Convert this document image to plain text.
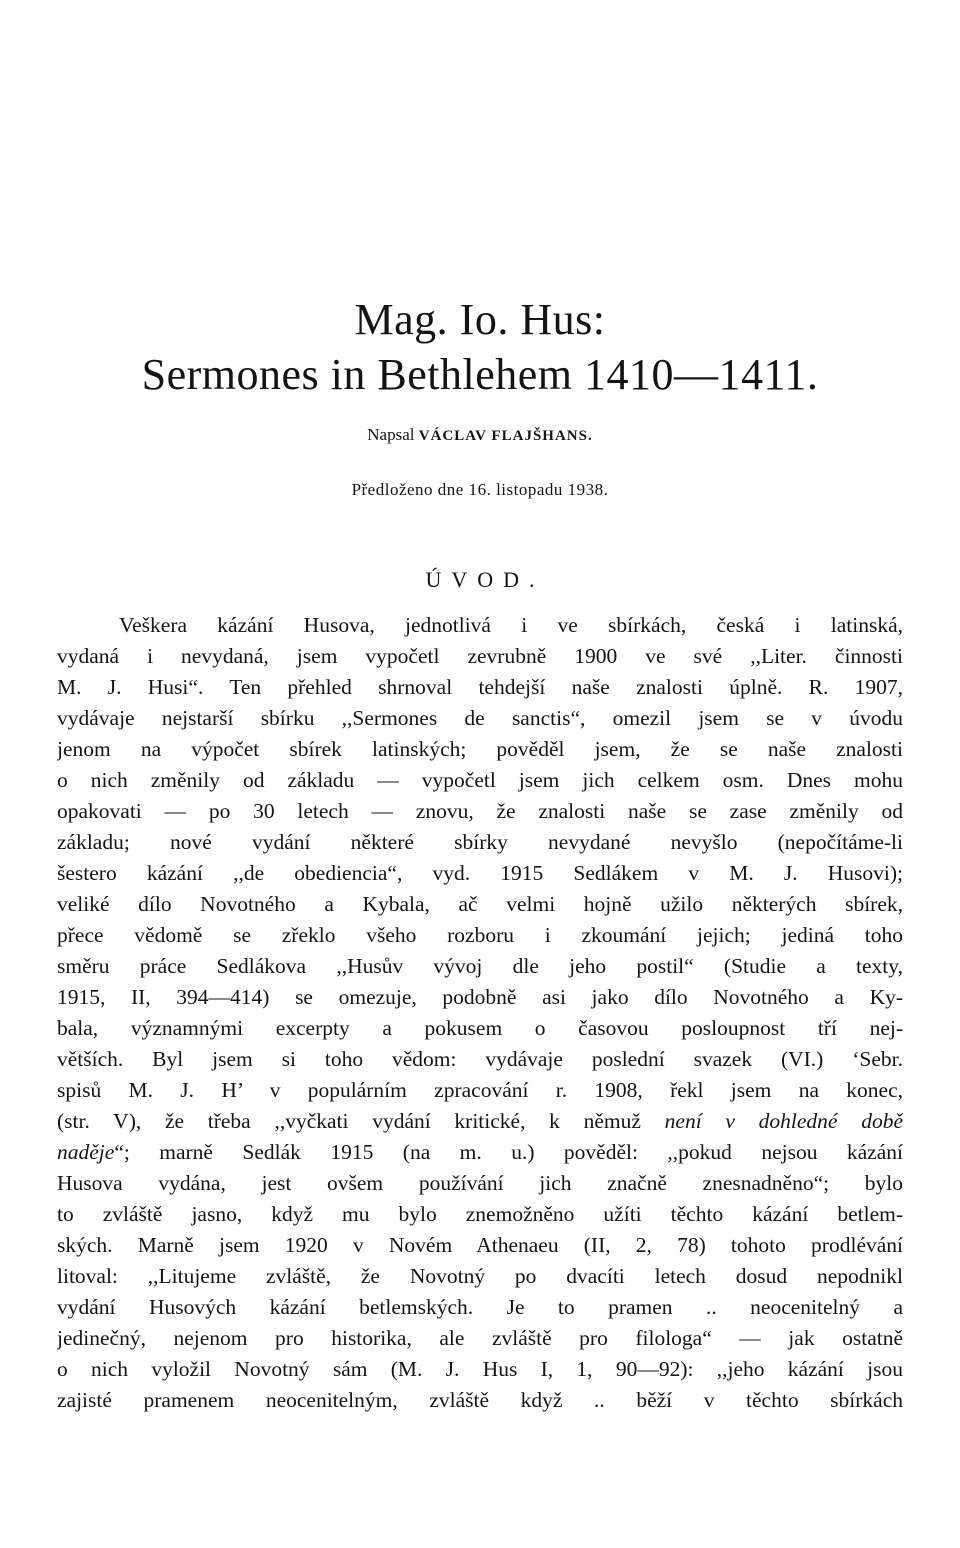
Mag. Io. Hus:
Sermones in Bethlehem 1410—1411.
Napsal VÁCLAV FLAJŠHANS.
Předloženo dne 16. listopadu 1938.
ÚVOD.
Veškera kázání Husova, jednotlivá i ve sbírkách, česká i latinská,
vydaná i nevydaná, jsem vypočetl zevrubně 1900 ve své ,,Liter. činnosti
M. J. Husi“. Ten přehled shrnoval tehdejší naše znalosti úplně. R. 1907,
vydávaje nejstarší sbírku ,,Sermones de sanctis“, omezil jsem se v úvodu
jenom na výpočet sbírek latinských; pověděl jsem, že se naše znalosti
o nich změnily od základu — vypočetl jsem jich celkem osm. Dnes mohu
opakovati — po 30 letech — znovu, že znalosti naše se zase změnily od
základu; nové vydání některé sbírky nevydané nevyšlo (nepočítáme-li
šestero kázání ,,de obediencia“, vyd. 1915 Sedlákem v M. J. Husovi);
veliké dílo Novotného a Kybala, ač velmi hojně užilo některých sbírek,
přece vědomě se zřeklo všeho rozboru i zkoumání jejich; jediná toho
směru práce Sedlákova ,,Husův vývoj dle jeho postil“ (Studie a texty,
1915, II, 394—414) se omezuje, podobně asi jako dílo Novotného a Ky-
bala, významnými excerpty a pokusem o časovou posloupnost tří nej-
větších. Byl jsem si toho vědom: vydávaje poslední svazek (VI.) ‘Sebr.
spisů M. J. H’ v populárním zpracování r. 1908, řekl jsem na konec,
(str. V), že třeba ,,vyčkati vydání kritické, k němuž není v dohledné době
naděje“; marně Sedlák 1915 (na m. u.) pověděl: ,,pokud nejsou kázání
Husova vydána, jest ovšem používání jich značně znesnadněno“; bylo
to zvláště jasno, když mu bylo znemožněno užíti těchto kázání betlem-
ských. Marně jsem 1920 v Novém Athenaeu (II, 2, 78) tohoto prodlévání
litoval: ,,Litujeme zvláště, že Novotný po dvacíti letech dosud nepodnikl
vydání Husových kázání betlemských. Je to pramen .. neocenitelný a
jedinečný, nejenom pro historika, ale zvláště pro filologa“ — jak ostatně
o nich vyložil Novotný sám (M. J. Hus I, 1, 90—92): ,,jeho kázání jsou
zajisté pramenem neocenitelným, zvláště když .. běží v těchto sbírkách
